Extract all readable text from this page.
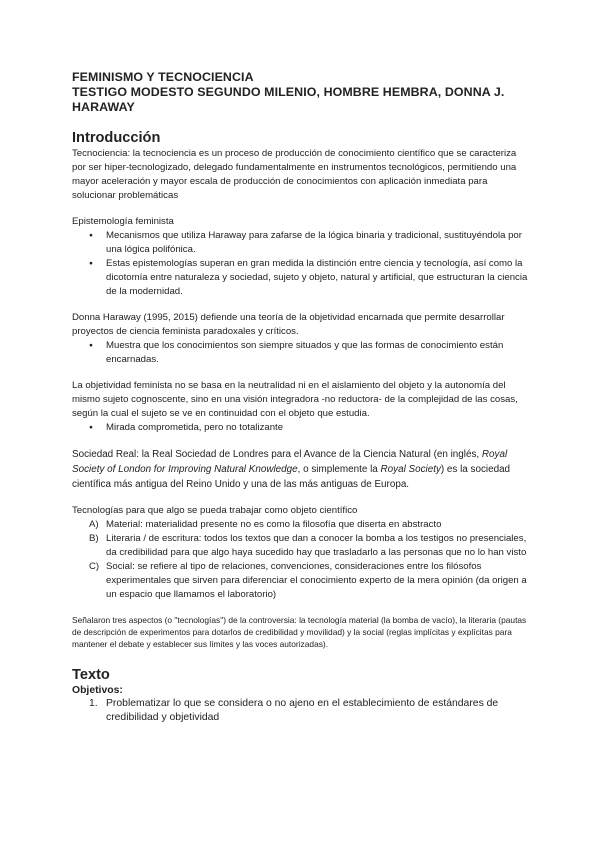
FEMINISMO Y TECNOCIENCIA
TESTIGO MODESTO SEGUNDO MILENIO, HOMBRE HEMBRA, DONNA J. HARAWAY
Introducción

Tecnociencia: la tecnociencia es un proceso de producción de conocimiento científico que se caracteriza por ser hiper-tecnologizado, delegado fundamentalmente en instrumentos tecnológicos, permitiendo una mayor aceleración y mayor escala de producción de conocimientos con aplicación inmediata para solucionar problemáticas

Epistemología feminista

● Mecanismos que utiliza Haraway para zafarse de la lógica binaria y tradicional, sustituyéndola por una lógica polifónica.
● Estas epistemologías superan en gran medida la distinción entre ciencia y tecnología, así como la dicotomía entre naturaleza y sociedad, sujeto y objeto, natural y artificial, que estructuran la ciencia de la modernidad.

Donna Haraway (1995, 2015) defiende una teoría de la objetividad encarnada que permite desarrollar proyectos de ciencia feminista paradoxales y críticos.

● Muestra que los conocimientos son siempre situados y que las formas de conocimiento están encarnadas.

La objetividad feminista no se basa en la neutralidad ni en el aislamiento del objeto y la autonomía del mismo sujeto cognoscente, sino en una visión integradora -no reductora- de la complejidad de las cosas, según la cual el sujeto se ve en continuidad con el objeto que estudia.

● Mirada comprometida, pero no totalizante

Sociedad Real: la Real Sociedad de Londres para el Avance de la Ciencia Natural (en inglés, Royal Society of London for Improving Natural Knowledge, o simplemente la Royal Society) es la sociedad científica más antigua del Reino Unido y una de las más antiguas de Europa.

Tecnologías para que algo se pueda trabajar como objeto científico

A) Material: materialidad presente no es como la filosofía que diserta en abstracto
B) Literaria / de escritura: todos los textos que dan a conocer la bomba a los testigos no presenciales, da credibilidad para que algo haya sucedido hay que trasladarlo a las personas que no lo han visto
C) Social: se refiere al tipo de relaciones, convenciones, consideraciones entre los filósofos experimentales que sirven para diferenciar el conocimiento experto de la mera opinión (da origen a un espacio que llamamos el laboratorio)

Señalaron tres aspectos (o "tecnologías") de la controversia: la tecnología material (la bomba de vacío), la literaria (pautas de descripción de experimentos para dotarlos de credibilidad y movilidad) y la social (reglas implícitas y explícitas para mantener el debate y establecer sus límites y las voces autorizadas).

Texto
Objetivos:
1. Problematizar lo que se considera o no ajeno en el establecimiento de estándares de credibilidad y objetividad
